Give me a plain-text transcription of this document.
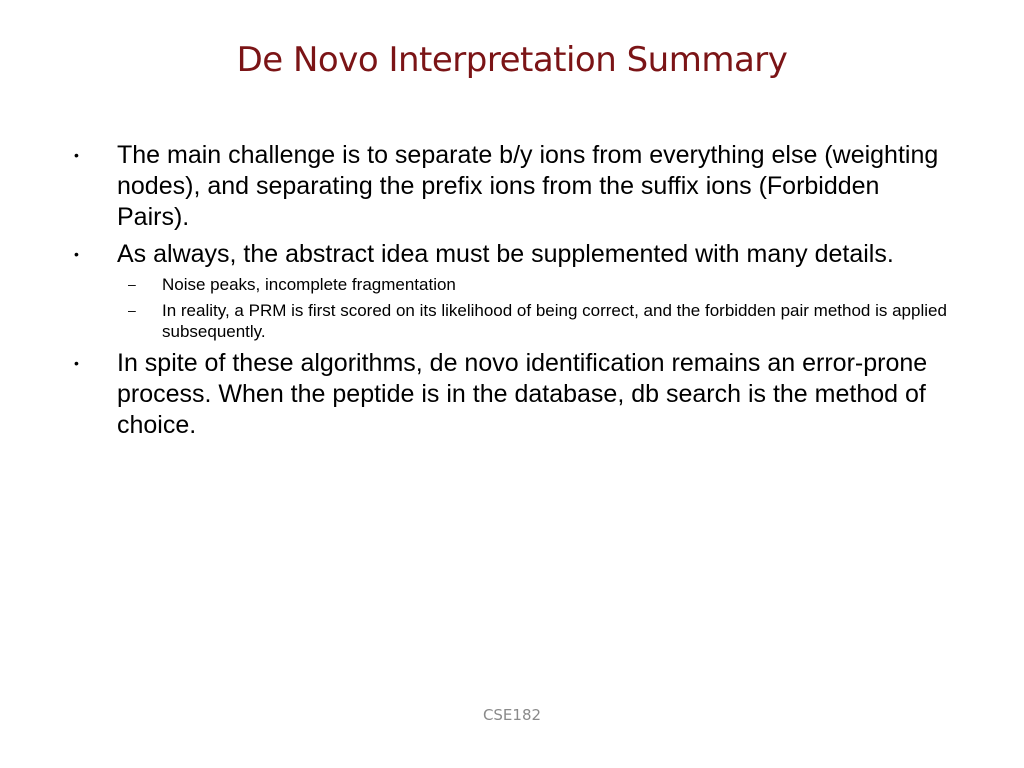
De Novo Interpretation Summary
• The main challenge is to separate b/y ions from everything else (weighting nodes), and separating the prefix ions from the suffix ions (Forbidden Pairs).
• As always, the abstract idea must be supplemented with many details.
– Noise peaks, incomplete fragmentation
– In reality, a PRM is first scored on its likelihood of being correct, and the forbidden pair method is applied subsequently.
• In spite of these algorithms, de novo identification remains an error-prone process. When the peptide is in the database, db search is the method of choice.
CSE182
